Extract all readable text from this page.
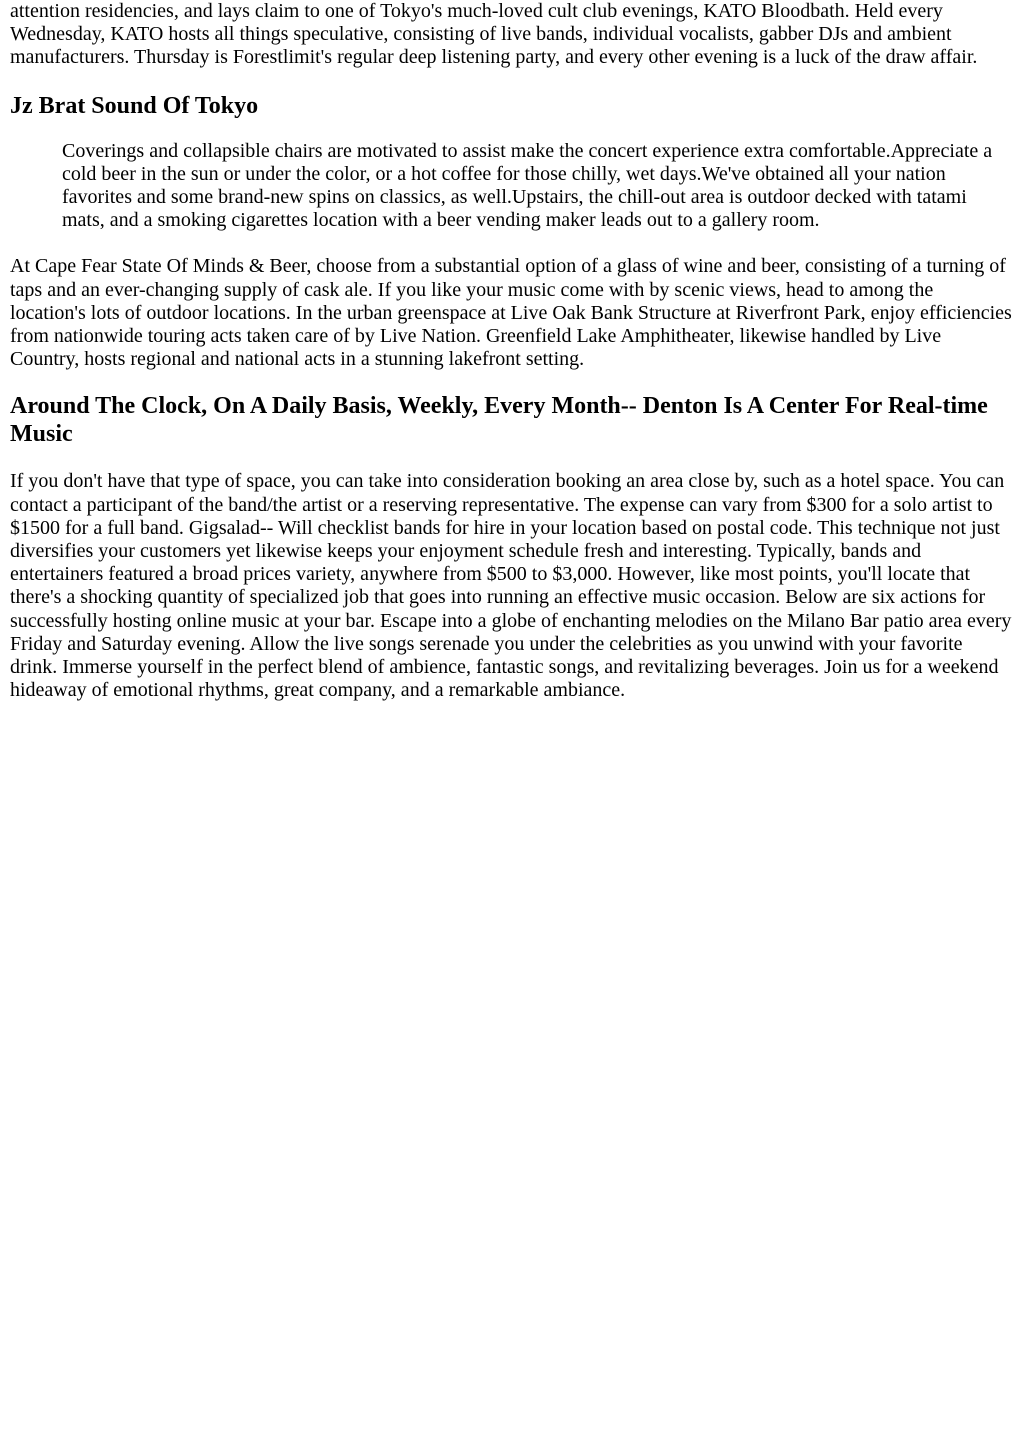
attention residencies, and lays claim to one of Tokyo's much-loved cult club evenings, KATO Bloodbath. Held every Wednesday, KATO hosts all things speculative, consisting of live bands, individual vocalists, gabber DJs and ambient manufacturers. Thursday is Forestlimit's regular deep listening party, and every other evening is a luck of the draw affair.

Jz Brat Sound Of Tokyo

Coverings and collapsible chairs are motivated to assist make the concert experience extra comfortable.Appreciate a cold beer in the sun or under the color, or a hot coffee for those chilly, wet days.We've obtained all your nation favorites and some brand-new spins on classics, as well.Upstairs, the chill-out area is outdoor decked with tatami mats, and a smoking cigarettes location with a beer vending maker leads out to a gallery room.

At Cape Fear State Of Minds & Beer, choose from a substantial option of a glass of wine and beer, consisting of a turning of taps and an ever-changing supply of cask ale. If you like your music come with by scenic views, head to among the location's lots of outdoor locations. In the urban greenspace at Live Oak Bank Structure at Riverfront Park, enjoy efficiencies from nationwide touring acts taken care of by Live Nation. Greenfield Lake Amphitheater, likewise handled by Live Country, hosts regional and national acts in a stunning lakefront setting.

Around The Clock, On A Daily Basis, Weekly, Every Month-- Denton Is A Center For Real-time Music

If you don't have that type of space, you can take into consideration booking an area close by, such as a hotel space. You can contact a participant of the band/the artist or a reserving representative. The expense can vary from $300 for a solo artist to $1500 for a full band. Gigsalad-- Will checklist bands for hire in your location based on postal code. This technique not just diversifies your customers yet likewise keeps your enjoyment schedule fresh and interesting. Typically, bands and entertainers featured a broad prices variety, anywhere from $500 to $3,000. However, like most points, you'll locate that there's a shocking quantity of specialized job that goes into running an effective music occasion. Below are six actions for successfully hosting online music at your bar. Escape into a globe of enchanting melodies on the Milano Bar patio area every Friday and Saturday evening. Allow the live songs serenade you under the celebrities as you unwind with your favorite drink. Immerse yourself in the perfect blend of ambience, fantastic songs, and revitalizing beverages. Join us for a weekend hideaway of emotional rhythms, great company, and a remarkable ambiance.
